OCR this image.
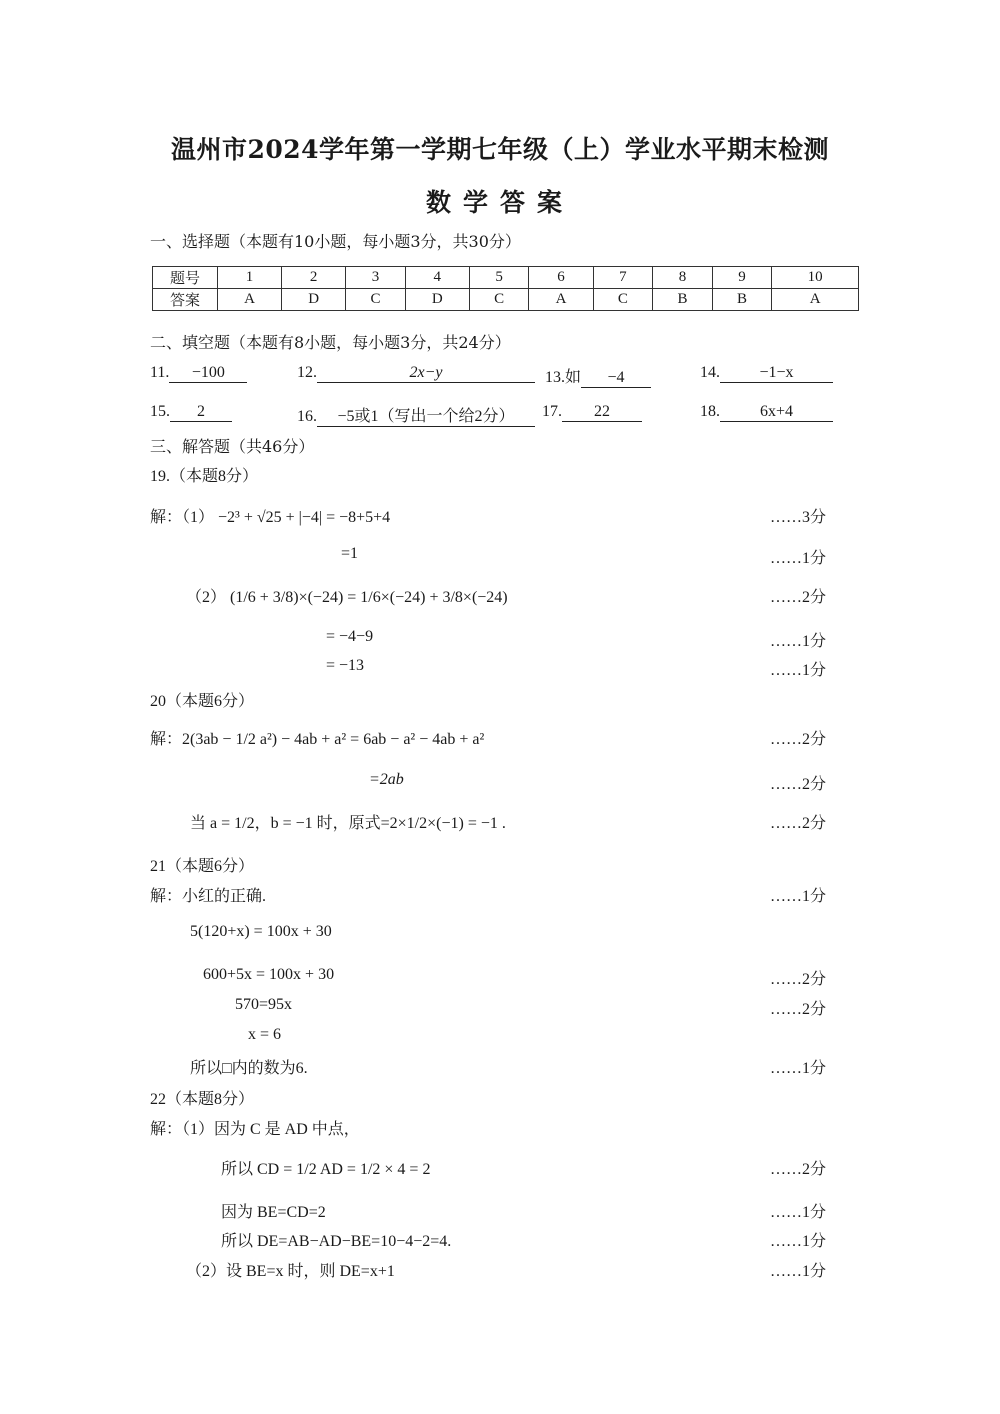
温州市2024学年第一学期七年级（上）学业水平期末检测
数学答案
一、选择题（本题有10小题，每小题3分，共30分）
题号	1	2	3	4	5	6	7	8	9	10
答案	A	D	C	D	C	A	C	B	B	A
二、填空题（本题有8小题，每小题3分，共24分）
11. −100	12.	2x−y	13.如 −4	14. −1−x
15. 2	16. −5或1（写出一个给2分）	17. 22	18. 6x+4
三、解答题（共46分）
19.（本题8分）
解：（1） −2³ + √25 + |−4| = −8+5+4	……3分
=1	……1分
（2） (1/6 + 3/8)×(−24) = 1/6×(−24) + 3/8×(−24)	……2分
= −4−9	……1分
= −13	……1分
20（本题6分）
解：2(3ab − 1/2 a²) − 4ab + a² = 6ab − a² − 4ab + a²	……2分
=2ab	……2分
当 a = 1/2，b = −1 时，原式=2×1/2×(−1) = −1 .	……2分
21（本题6分）
解：小红的正确.	……1分
5(120+x) = 100x + 30
600+5x = 100x + 30	……2分
570=95x	……2分
x = 6
所以□内的数为6.	……1分
22（本题8分）
解：（1）因为 C 是 AD 中点，
所以 CD = 1/2 AD = 1/2 × 4 = 2	……2分
因为 BE=CD=2	……1分
所以 DE=AB−AD−BE=10−4−2=4.	……1分
（2）设 BE=x 时，则 DE=x+1	……1分
